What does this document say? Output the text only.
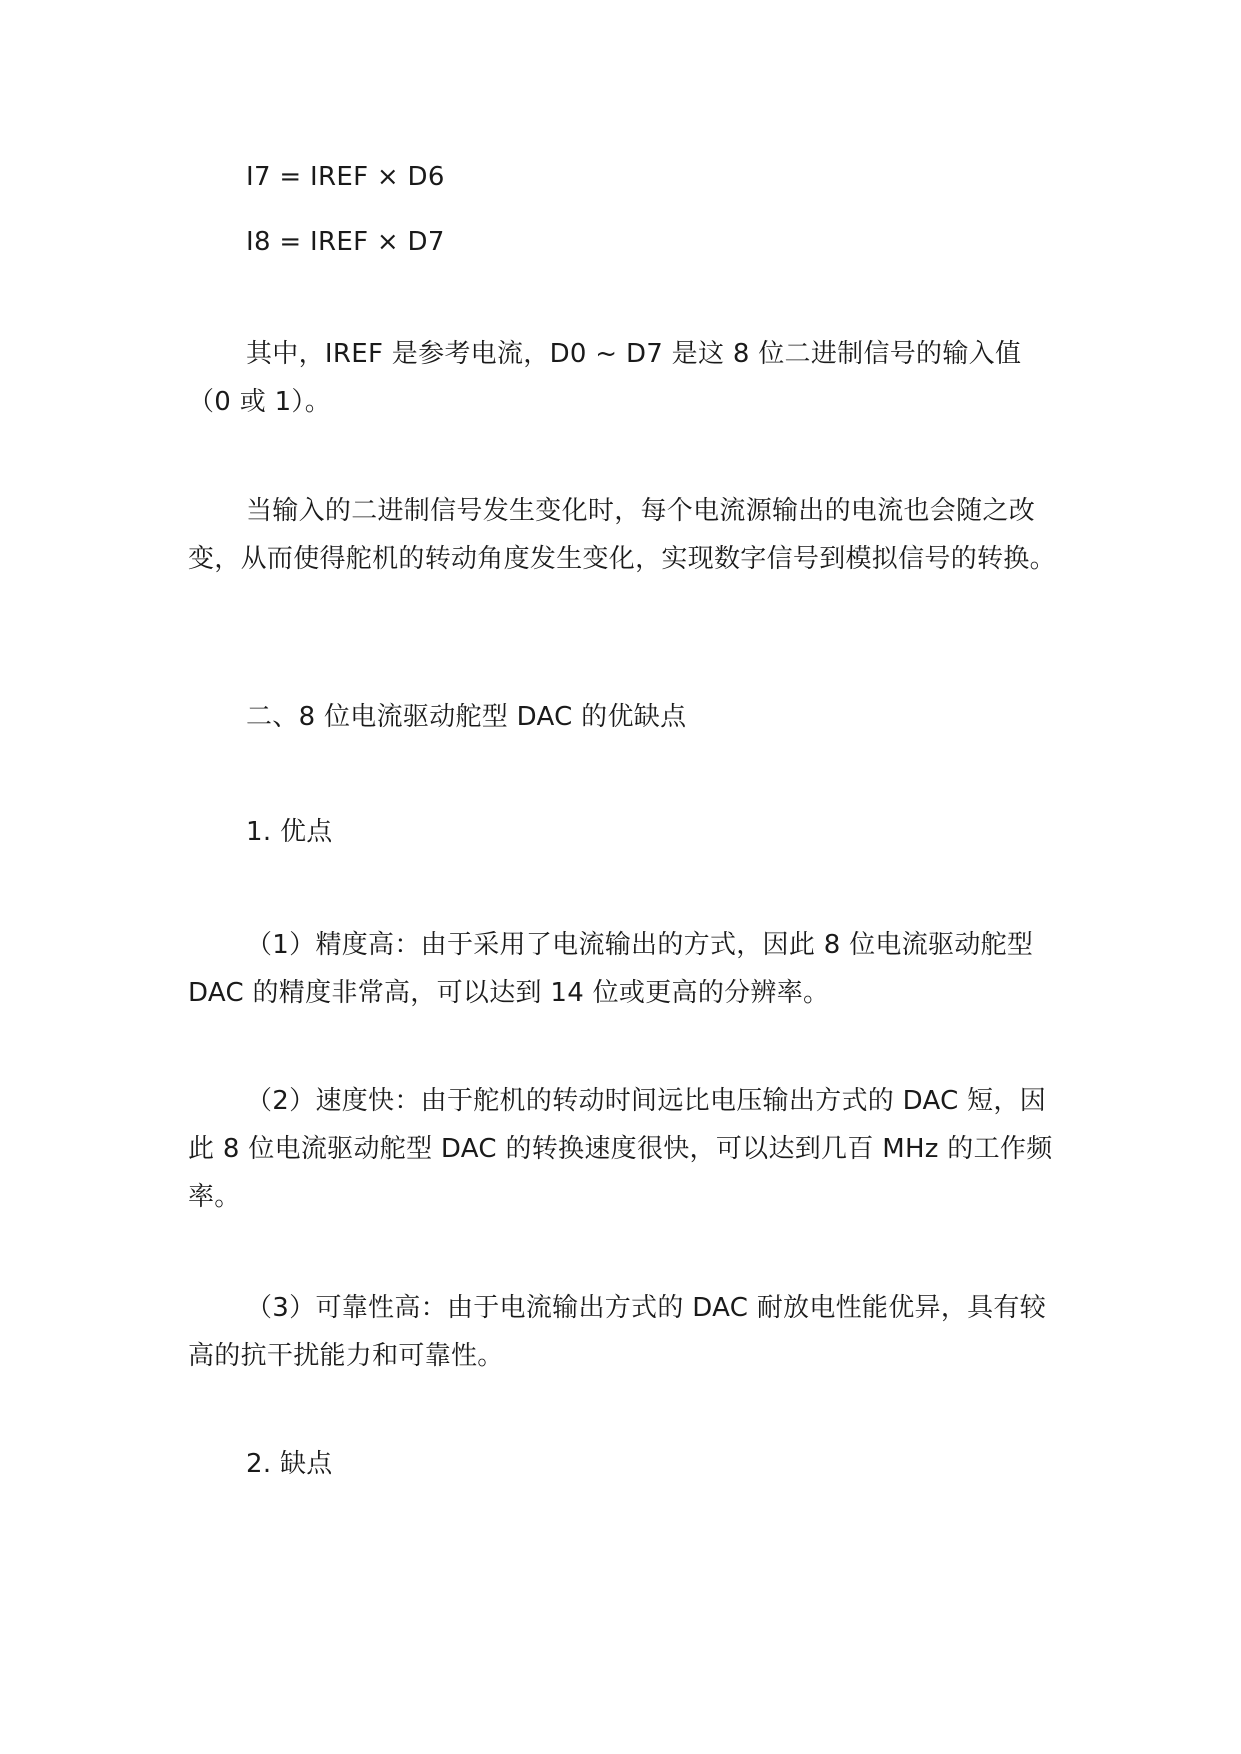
I7 = IREF × D6

I8 = IREF × D7

其中，IREF 是参考电流，D0 ~ D7 是这 8 位二进制信号的输入值（0 或 1）。

当输入的二进制信号发生变化时，每个电流源输出的电流也会随之改变，从而使得舵机的转动角度发生变化，实现数字信号到模拟信号的转换。

二、8 位电流驱动舵型 DAC 的优缺点

1. 优点

（1）精度高：由于采用了电流输出的方式，因此 8 位电流驱动舵型 DAC 的精度非常高，可以达到 14 位或更高的分辨率。

（2）速度快：由于舵机的转动时间远比电压输出方式的 DAC 短，因此 8 位电流驱动舵型 DAC 的转换速度很快，可以达到几百 MHz 的工作频率。

（3）可靠性高：由于电流输出方式的 DAC 耐放电性能优异，具有较高的抗干扰能力和可靠性。

2. 缺点
